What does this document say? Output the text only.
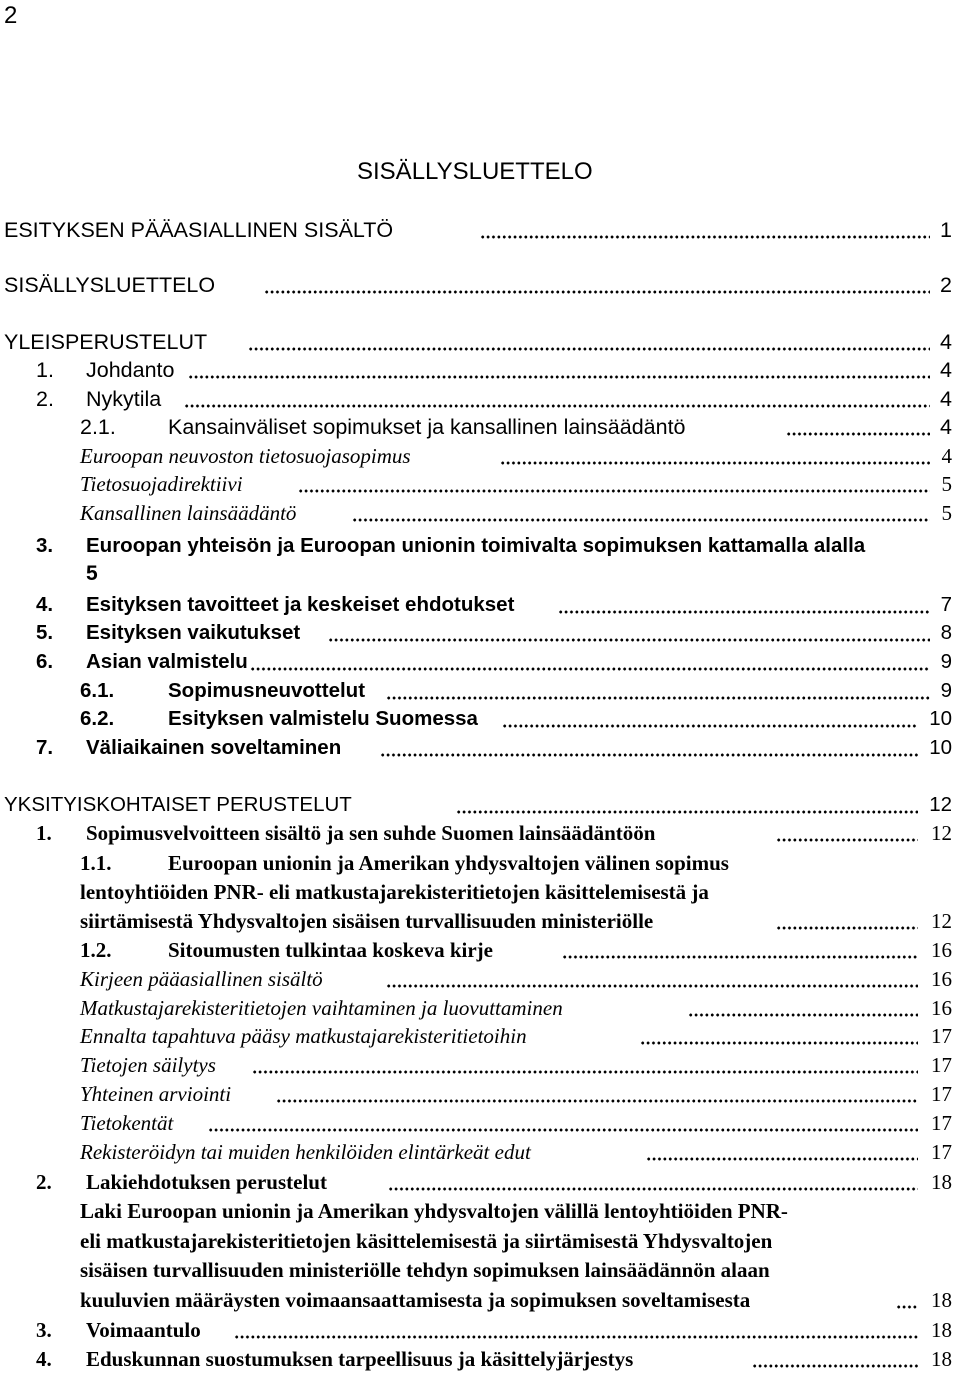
2
SISÄLLYSLUETTELO
ESITYKSEN PÄÄASIALLINEN SISÄLTÖ	1
SISÄLLYSLUETTELO	2
YLEISPERUSTELUT	4
1. Johdanto	4
2. Nykytila	4
2.1. Kansainväliset sopimukset ja kansallinen lainsäädäntö	4
Euroopan neuvoston tietosuojasopimus	4
Tietosuojadirektiivi	5
Kansallinen lainsäädäntö	5
3. Euroopan yhteisön ja Euroopan unionin toimivalta sopimuksen kattamalla alalla
5
4. Esityksen tavoitteet ja keskeiset ehdotukset	7
5. Esityksen vaikutukset	8
6. Asian valmistelu	9
6.1.	Sopimusneuvottelut	9
6.2.	Esityksen valmistelu Suomessa	10
7. Väliaikainen soveltaminen	10
YKSITYISKOHTAISET PERUSTELUT	12
1. Sopimusvelvoitteen sisältö ja sen suhde Suomen lainsäädäntöön	12
1.1.	Euroopan unionin ja Amerikan yhdysvaltojen välinen sopimus
lentoyhtiöiden PNR- eli matkustajarekisteritietojen käsittelemisestä ja
siirtämisestä Yhdysvaltojen sisäisen turvallisuuden ministeriölle	12
1.2.	Sitoumusten tulkintaa koskeva kirje	16
Kirjeen pääasiallinen sisältö	16
Matkustajarekisteritietojen vaihtaminen ja luovuttaminen	16
Ennalta tapahtuva pääsy matkustajarekisteritietoihin	17
Tietojen säilytys	17
Yhteinen arviointi	17
Tietokentät	17
Rekisteröidyn tai muiden henkilöiden elintärkeät edut	17
2. Lakiehdotuksen perustelut	18
Laki Euroopan unionin ja Amerikan yhdysvaltojen välillä lentoyhtiöiden PNR-
eli matkustajarekisteritietojen käsittelemisestä ja siirtämisestä Yhdysvaltojen
sisäisen turvallisuuden ministeriölle tehdyn sopimuksen lainsäädännön alaan
kuuluvien määräysten voimaansaattamisesta ja sopimuksen soveltamisesta	18
3. Voimaantulo	18
4. Eduskunnan suostumuksen tarpeellisuus ja käsittelyjärjestys	18
